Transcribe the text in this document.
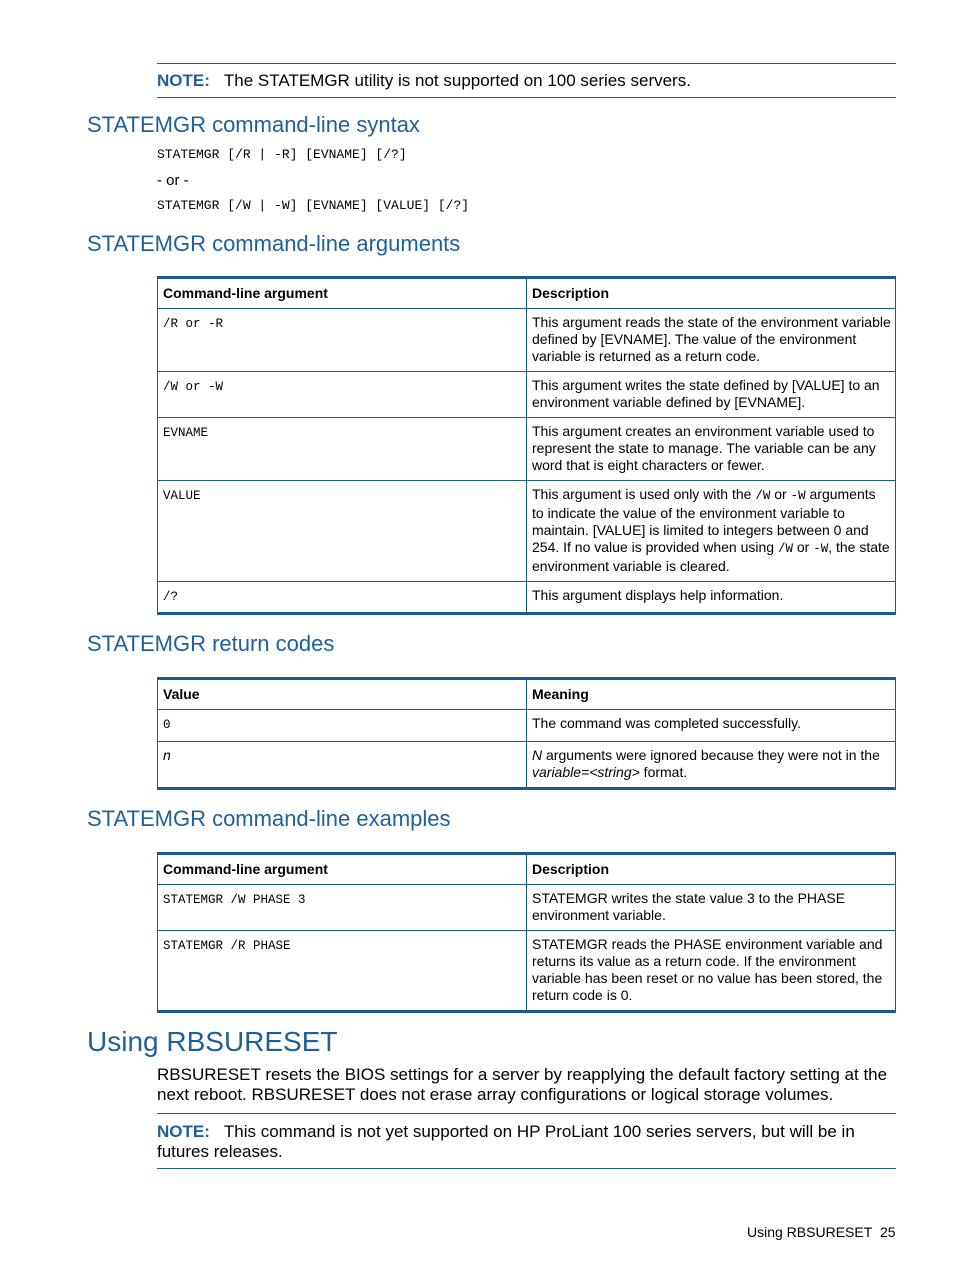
NOTE: The STATEMGR utility is not supported on 100 series servers.
STATEMGR command-line syntax
STATEMGR [/R | -R] [EVNAME] [/?]
- or -
STATEMGR [/W | -W] [EVNAME] [VALUE] [/?]
STATEMGR command-line arguments
Command-line argument	Description
/R or -R	This argument reads the state of the environment variable defined by [EVNAME]. The value of the environment variable is returned as a return code.
/W or -W	This argument writes the state defined by [VALUE] to an environment variable defined by [EVNAME].
EVNAME	This argument creates an environment variable used to represent the state to manage. The variable can be any word that is eight characters or fewer.
VALUE	This argument is used only with the /W or -W arguments to indicate the value of the environment variable to maintain. [VALUE] is limited to integers between 0 and 254. If no value is provided when using /W or -W, the state environment variable is cleared.
/?	This argument displays help information.
STATEMGR return codes
Value	Meaning
0	The command was completed successfully.
n	N arguments were ignored because they were not in the variable=<string> format.
STATEMGR command-line examples
Command-line argument	Description
STATEMGR /W PHASE 3	STATEMGR writes the state value 3 to the PHASE environment variable.
STATEMGR /R PHASE	STATEMGR reads the PHASE environment variable and returns its value as a return code. If the environment variable has been reset or no value has been stored, the return code is 0.
Using RBSURESET
RBSURESET resets the BIOS settings for a server by reapplying the default factory setting at the next reboot. RBSURESET does not erase array configurations or logical storage volumes.
NOTE: This command is not yet supported on HP ProLiant 100 series servers, but will be in futures releases.
Using RBSURESET 25
